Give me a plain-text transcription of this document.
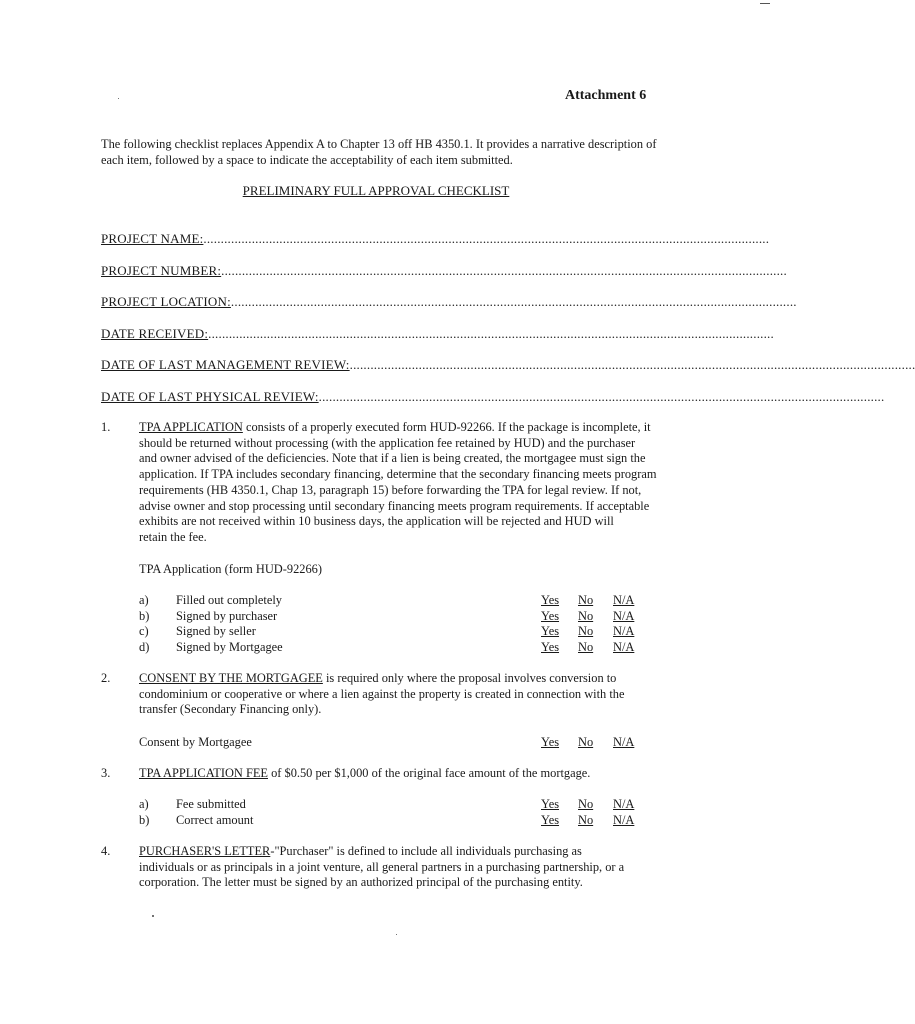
Attachment 6
The following checklist replaces Appendix A to Chapter 13 off HB 4350.1. It provides a narrative description of each item, followed by a space to indicate the acceptability of each item submitted.
PRELIMINARY FULL APPROVAL CHECKLIST
PROJECT NAME:....................................................................................................................................................................
PROJECT NUMBER:....................................................................................................................................................................
PROJECT LOCATION:....................................................................................................................................................................
DATE RECEIVED:....................................................................................................................................................................
DATE OF LAST MANAGEMENT REVIEW:....................................................................................................................................................................
DATE OF LAST PHYSICAL REVIEW:....................................................................................................................................................................
1. TPA APPLICATION consists of a properly executed form HUD-92266. If the package is incomplete, it
should be returned without processing (with the application fee retained by HUD) and the purchaser
and owner advised of the deficiencies. Note that if a lien is being created, the mortgagee must sign the
application. If TPA includes secondary financing, determine that the secondary financing meets program
requirements (HB 4350.1, Chap 13, paragraph 15) before forwarding the TPA for legal review. If not,
advise owner and stop processing until secondary financing meets program requirements. If acceptable
exhibits are not received within 10 business days, the application will be rejected and HUD will
retain the fee.
TPA Application (form HUD-92266)
a) Filled out completely
b) Signed by purchaser
c) Signed by seller
d) Signed by Mortgagee
Yes No N/A
Yes No N/A
Yes No N/A
Yes No N/A
2. CONSENT BY THE MORTGAGEE is required only where the proposal involves conversion to
condominium or cooperative or where a lien against the property is created in connection with the
transfer (Secondary Financing only).
Consent by Mortgagee	Yes No N/A
3. TPA APPLICATION FEE of $0.50 per $1,000 of the original face amount of the mortgage.
a) Fee submitted
b) Correct amount
Yes No N/A
Yes No N/A
4. PURCHASER'S LETTER-"Purchaser" is defined to include all individuals purchasing as
individuals or as principals in a joint venture, all general partners in a purchasing partnership, or a
corporation. The letter must be signed by an authorized principal of the purchasing entity.
